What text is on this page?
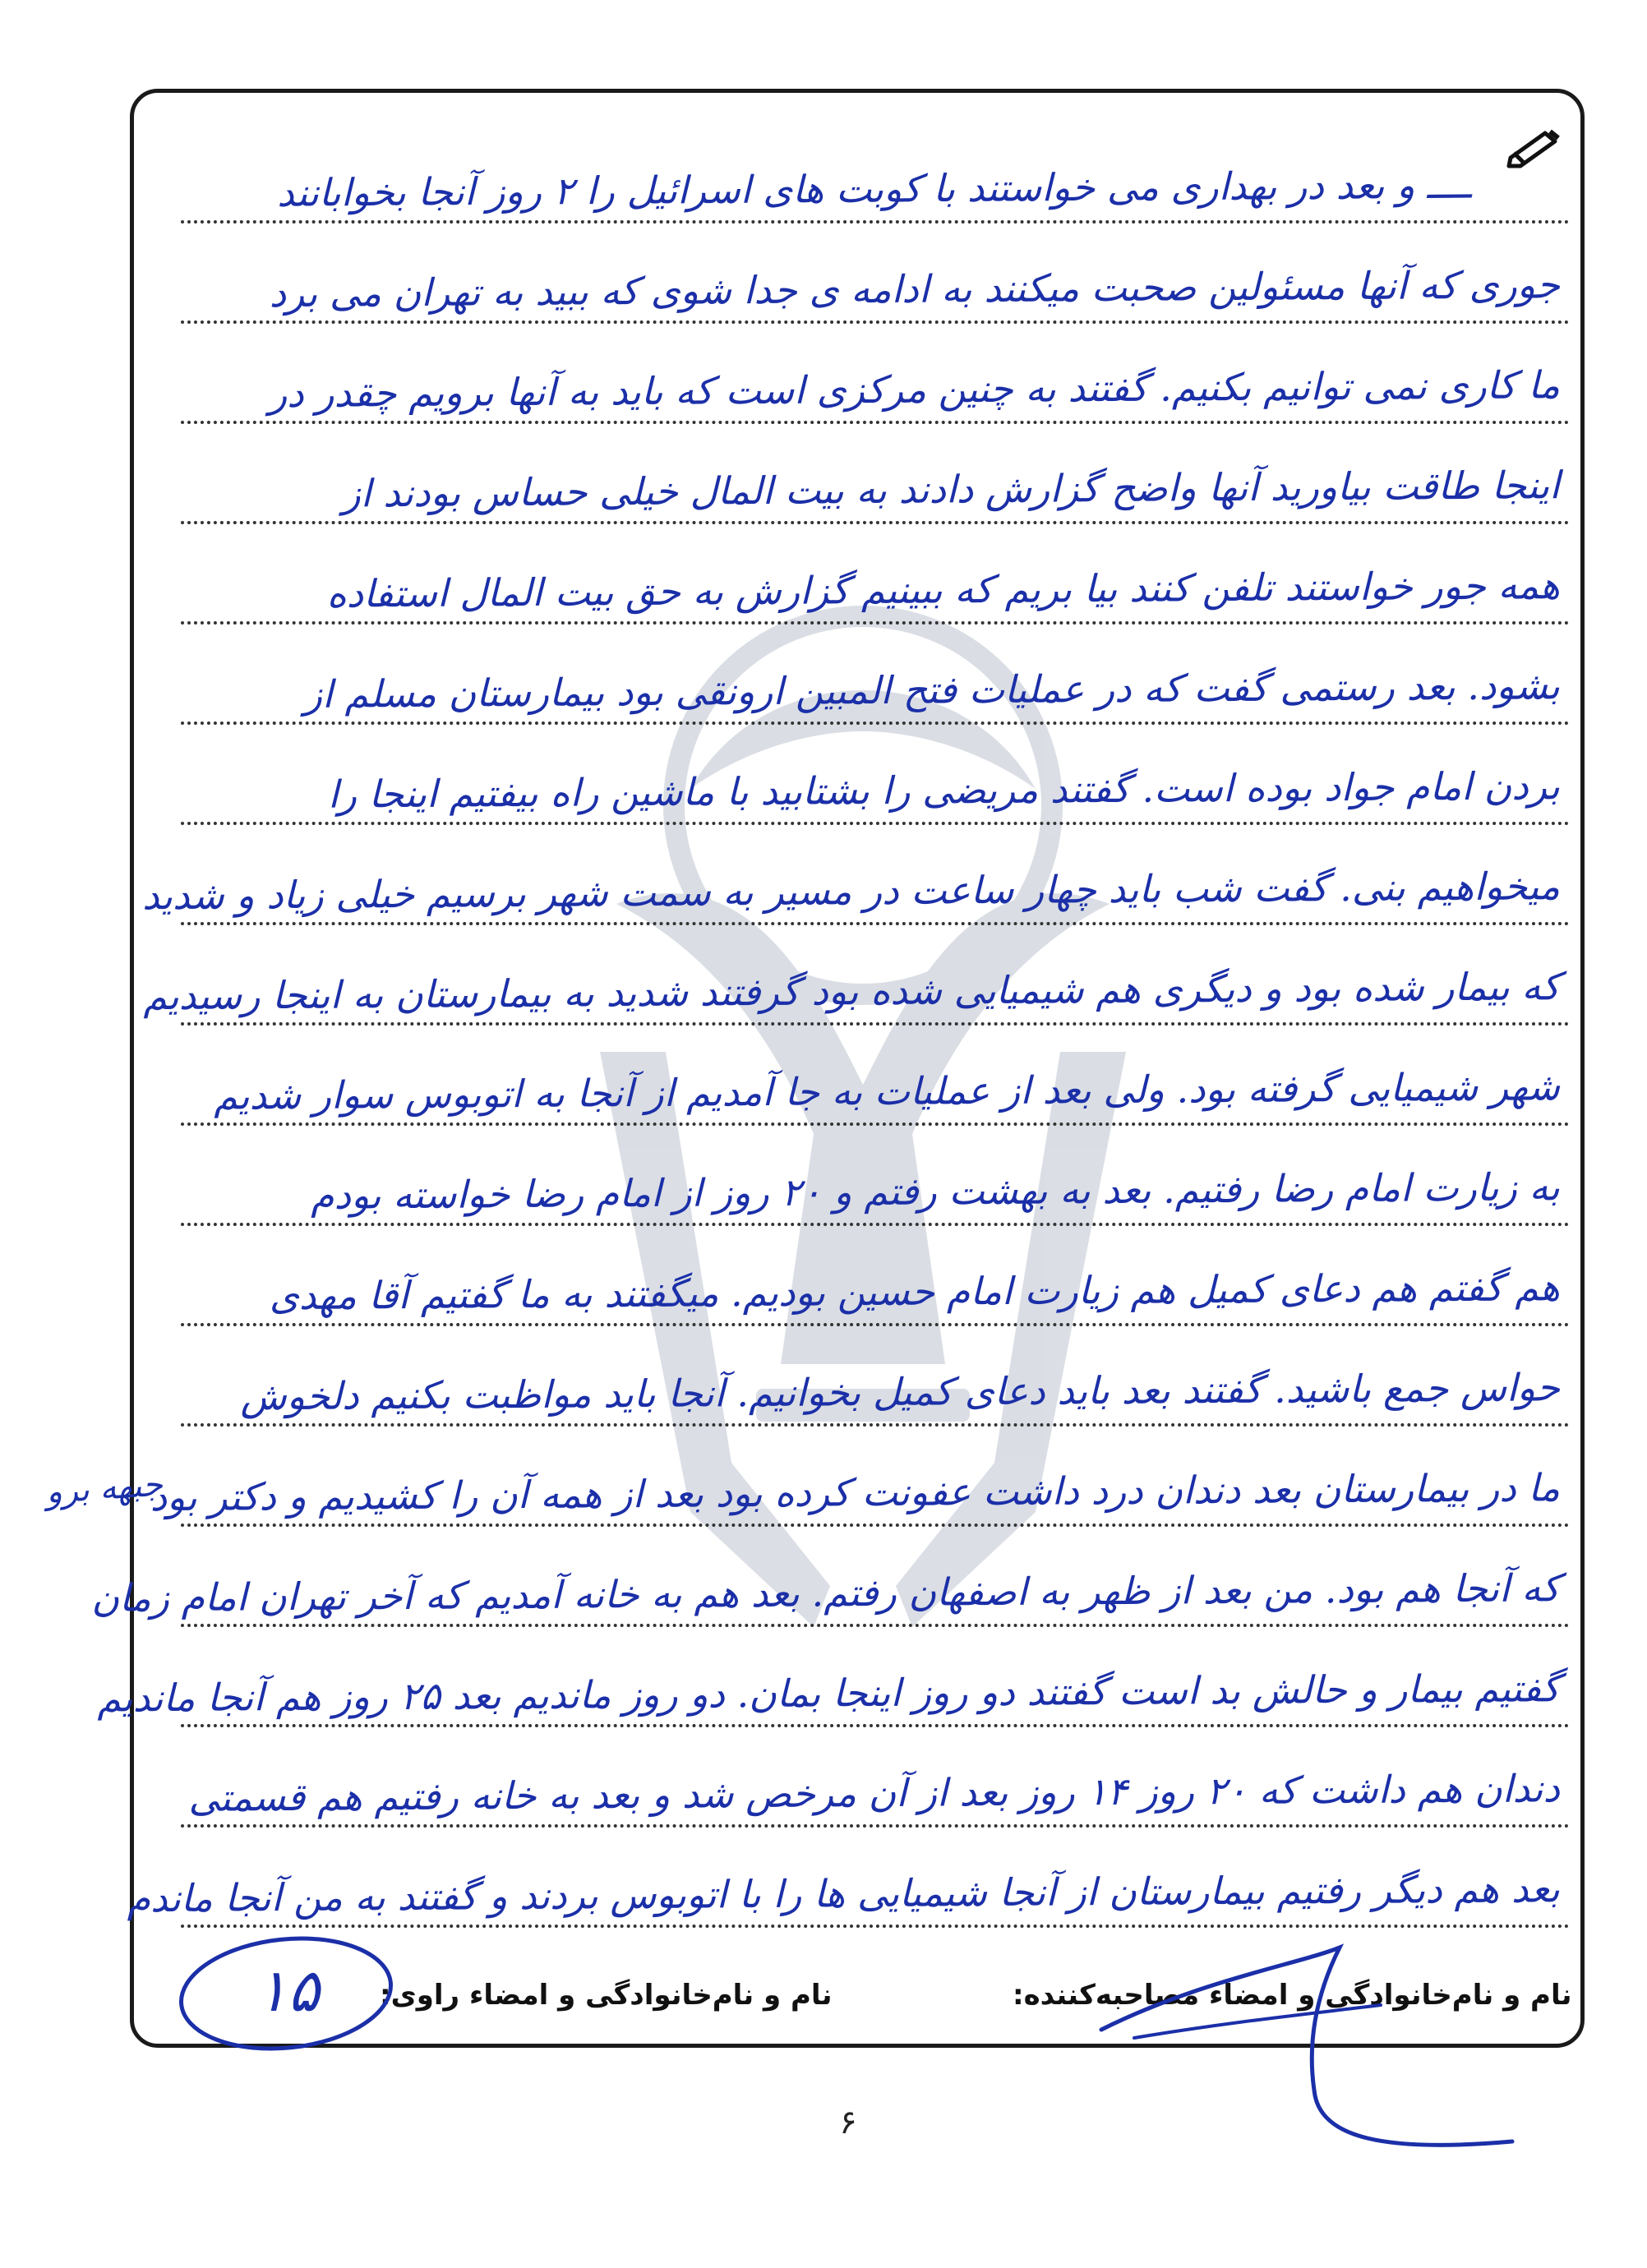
ــــ و بعد در بهداری می خواستند با کوبت های اسرائیل را ۲ روز آنجا بخوابانند
جوری که آنها مسئولین صحبت میکنند به ادامه ی جدا شوی که ببید به تهران می برد
ما کاری نمی توانیم بکنیم. گفتند به چنین مرکزی است که باید به آنها برویم چقدر در
اینجا طاقت بیاورید آنها واضح گزارش دادند به بیت المال خیلی حساس بودند از
همه جور خواستند تلفن کنند بیا بریم که ببینیم گزارش به حق بیت المال استفاده
بشود. بعد رستمی گفت که در عملیات فتح المبین ارونقی بود بیمارستان مسلم از
بردن امام جواد بوده است. گفتند مریضی را بشتابید با ماشین راه بیفتیم اینجا را
میخواهیم بنی. گفت شب باید چهار ساعت در مسیر به سمت شهر برسیم خیلی زیاد و شدید
که بیمار شده بود و دیگری هم شیمیایی شده بود گرفتند شدید به بیمارستان به اینجا رسیدیم
شهر شیمیایی گرفته بود. ولی بعد از عملیات به جا آمدیم از آنجا به اتوبوس سوار شدیم
به زیارت امام رضا رفتیم. بعد به بهشت رفتم و ۲۰ روز از امام رضا خواسته بودم
هم گفتم هم دعای کمیل هم زیارت امام حسین بودیم. میگفتند به ما گفتیم آقا مهدی
حواس جمع باشید. گفتند بعد باید دعای کمیل بخوانیم. آنجا باید مواظبت بکنیم دلخوش
ما در بیمارستان بعد دندان درد داشت عفونت کرده بود بعد از همه آن را کشیدیم و دکتر بود
که آنجا هم بود. من بعد از ظهر به اصفهان رفتم. بعد هم به خانه آمدیم که آخر تهران امام زمان
گفتیم بیمار و حالش بد است گفتند دو روز اینجا بمان. دو روز ماندیم بعد ۲۵ روز هم آنجا ماندیم
دندان هم داشت که ۲۰ روز ۱۴ روز بعد از آن مرخص شد و بعد به خانه رفتیم هم قسمتی
بعد هم دیگر رفتیم بیمارستان از آنجا شیمیایی ها را با اتوبوس بردند و گفتند به من آنجا ماندم
جبهه برو
نام و نام‌خانوادگی و امضاء مصاحبه‌کننده:
نام و نام‌خانوادگی و امضاء راوی:
۱۵
۶
